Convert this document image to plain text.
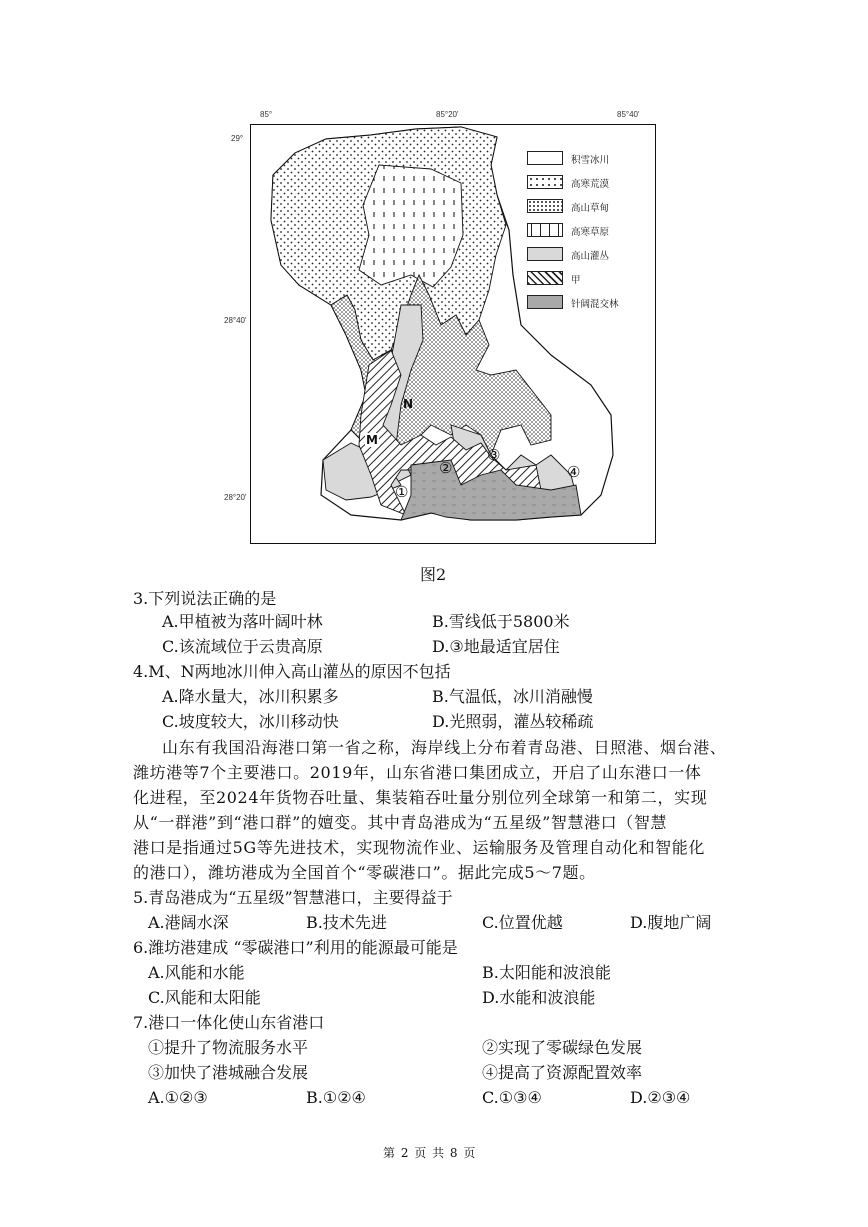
85°	85°20'	85°40'
29°
28°40'
28°20'
N
M
①
②
③
④
积雪冰川
高寒荒漠
高山草甸
高寒草原
高山灌丛
甲
针阔混交林
图2
3.下列说法正确的是
A.甲植被为落叶阔叶林	B.雪线低于5800米
C.该流域位于云贵高原	D.③地最适宜居住
4.M、N两地冰川伸入高山灌丛的原因不包括
A.降水量大，冰川积累多	B.气温低，冰川消融慢
C.坡度较大，冰川移动快	D.光照弱，灌丛较稀疏
山东有我国沿海港口第一省之称，海岸线上分布着青岛港、日照港、烟台港、
潍坊港等7个主要港口。2019年，山东省港口集团成立，开启了山东港口一体
化进程，至2024年货物吞吐量、集装箱吞吐量分别位列全球第一和第二，实现
从“一群港”到“港口群”的嬗变。其中青岛港成为“五星级”智慧港口（智慧
港口是指通过5G等先进技术，实现物流作业、运输服务及管理自动化和智能化
的港口），潍坊港成为全国首个“零碳港口”。据此完成5～7题。
5.青岛港成为“五星级”智慧港口，主要得益于
A.港阔水深	B.技术先进	C.位置优越	D.腹地广阔
6.潍坊港建成 “零碳港口”利用的能源最可能是
A.风能和水能	B.太阳能和波浪能
C.风能和太阳能	D.水能和波浪能
7.港口一体化使山东省港口
①提升了物流服务水平	②实现了零碳绿色发展
③加快了港城融合发展	④提高了资源配置效率
A.①②③	B.①②④	C.①③④	D.②③④
第 2 页 共 8 页
